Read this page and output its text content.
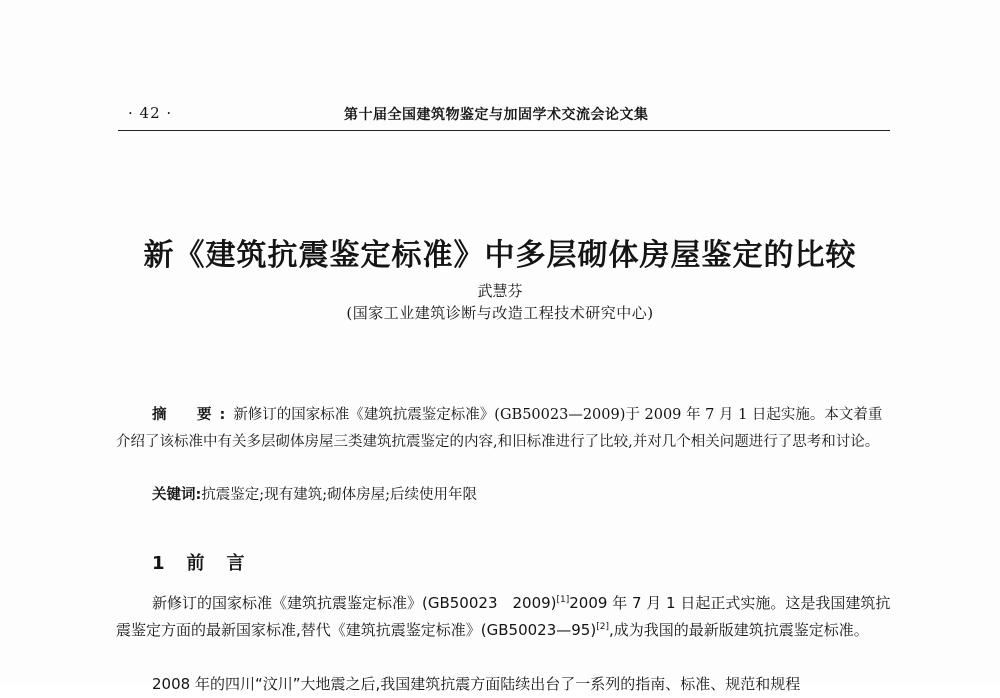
· 42 ·	第十届全国建筑物鉴定与加固学术交流会论文集
新《建筑抗震鉴定标准》中多层砌体房屋鉴定的比较
武慧芬
(国家工业建筑诊断与改造工程技术研究中心)
摘　要:新修订的国家标准《建筑抗震鉴定标准》(GB50023—2009)于 2009 年 7 月 1 日起实施。本文着重介绍了该标准中有关多层砌体房屋三类建筑抗震鉴定的内容,和旧标准进行了比较,并对几个相关问题进行了思考和讨论。
关键词:抗震鉴定;现有建筑;砌体房屋;后续使用年限
1 前言
新修订的国家标准《建筑抗震鉴定标准》(GB50023　2009)[1]2009 年 7 月 1 日起正式实施。这是我国建筑抗震鉴定方面的最新国家标准,替代《建筑抗震鉴定标准》(GB50023—95)[2],成为我国的最新版建筑抗震鉴定标准。
2008 年的四川“汶川”大地震之后,我国建筑抗震方面陆续出台了一系列的指南、标准、规范和规程
